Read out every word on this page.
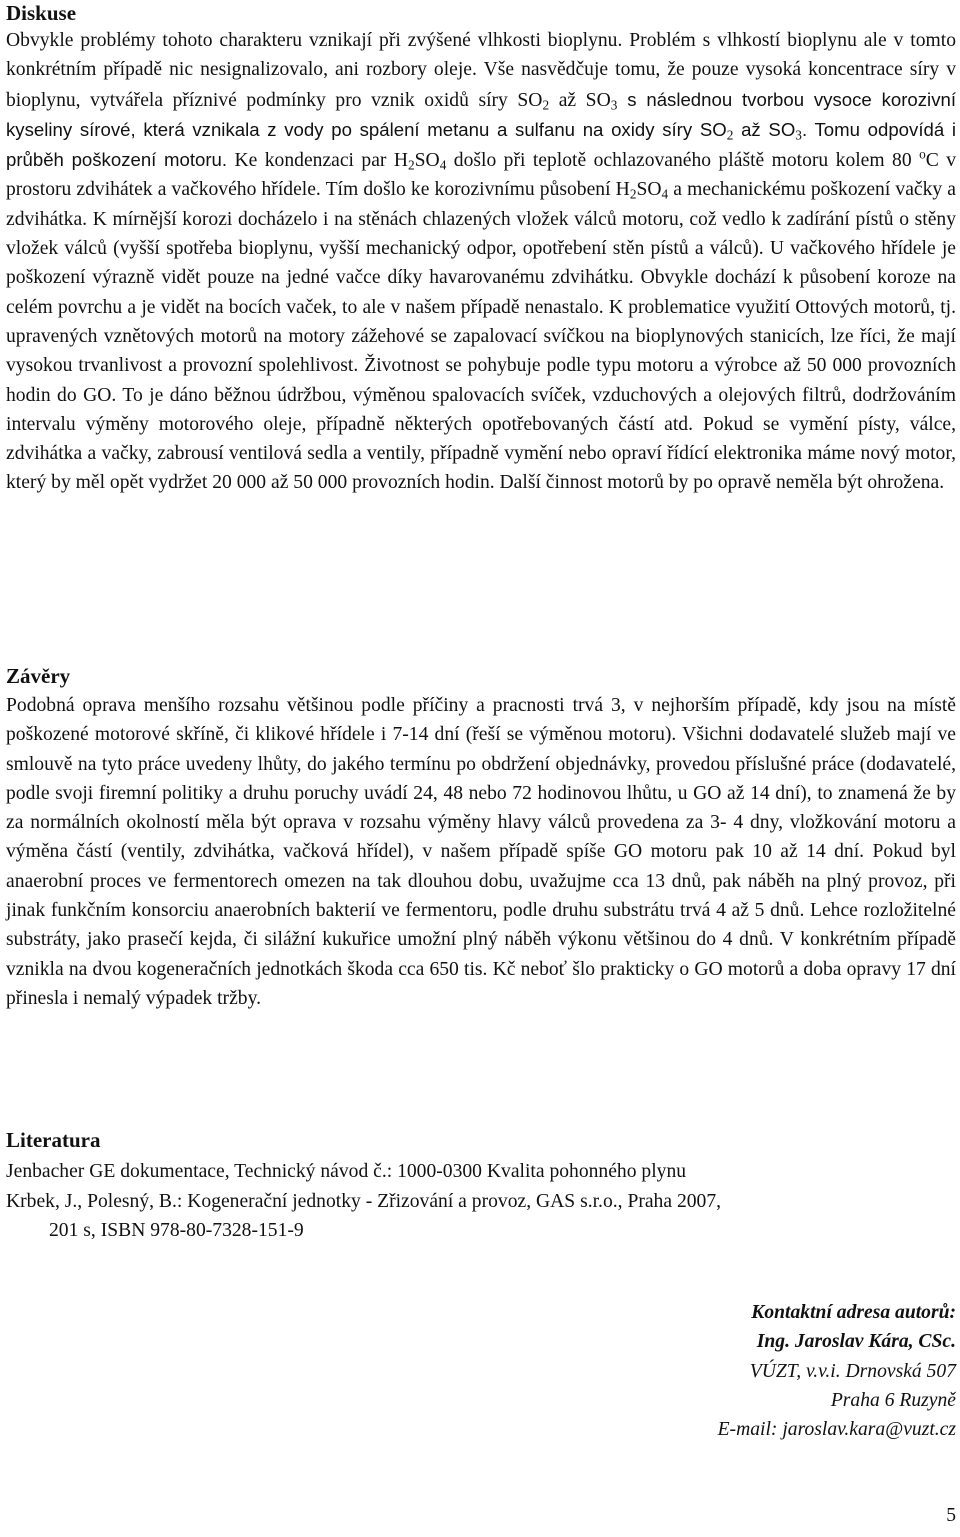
Diskuse

Obvykle problémy tohoto charakteru vznikají při zvýšené vlhkosti bioplynu. Problém s vlhkostí bioplynu ale v tomto konkrétním případě nic nesignalizovalo, ani rozbory oleje. Vše nasvědčuje tomu, že pouze vysoká koncentrace síry v bioplynu, vytvářela příznivé podmínky pro vznik oxidů síry $SO_2$ až $SO_3$ s následnou tvorbou vysoce korozivní kyseliny sírové, která vznikala z vody po spálení metanu a sulfanu na oxidy síry $SO_2$ až $SO_3$. Tomu odpovídá i průběh poškození motoru. Ke kondenzaci par $H_2SO_4$ došlo při teplotě ochlazovaného pláště motoru kolem 80 $^o$C v prostoru zdvihátek a vačkového hřídele. Tím došlo ke korozivnímu působení $H_2SO_4$ a mechanickému poškození vačky a zdvihátka. K mírnější korozi docházelo i na stěnách chlazených vložek válců motoru, což vedlo k zadírání pístů o stěny vložek válců (vyšší spotřeba bioplynu, vyšší mechanický odpor, opotřebení stěn pístů a válců). U vačkového hřídele je poškození výrazně vidět pouze na jedné vačce díky havarovanému zdvihátku. Obvykle dochází k působení koroze na celém povrchu a je vidět na bocích vaček, to ale v našem případě nenastalo. K problematice využití Ottových motorů, tj. upravených vznětových motorů na motory zážehové se zapalovací svíčkou na bioplynových stanicích, lze říci, že mají vysokou trvanlivost a provozní spolehlivost. Životnost se pohybuje podle typu motoru a výrobce až 50 000 provozních hodin do GO. To je dáno běžnou údržbou, výměnou spalovacích svíček, vzduchových a olejových filtrů, dodržováním intervalu výměny motorového oleje, případně některých opotřebovaných částí atd. Pokud se vymění písty, válce, zdvihátka a vačky, zabrousí ventilová sedla a ventily, případně vymění nebo opraví řídící elektronika máme nový motor, který by měl opět vydržet 20 000 až 50 000 provozních hodin. Další činnost motorů by po opravě neměla být ohrožena.

Závěry

Podobná oprava menšího rozsahu většinou podle příčiny a pracnosti trvá 3, v nejhorším případě, kdy jsou na místě poškozené motorové skříně, či klikové hřídele i 7-14 dní (řeší se výměnou motoru). Všichni dodavatelé služeb mají ve smlouvě na tyto práce uvedeny lhůty, do jakého termínu po obdržení objednávky, provedou příslušné práce (dodavatelé, podle svoji firemní politiky a druhu poruchy uvádí 24, 48 nebo 72 hodinovou lhůtu, u GO až 14 dní), to znamená že by za normálních okolností měla být oprava v rozsahu výměny hlavy válců provedena za 3- 4 dny, vložkování motoru a výměna částí (ventily, zdvihátka, vačková hřídel), v našem případě spíše GO motoru pak 10 až 14 dní. Pokud byl anaerobní proces ve fermentorech omezen na tak dlouhou dobu, uvažujme cca 13 dnů, pak náběh na plný provoz, při jinak funkčním konsorciu anaerobních bakterií ve fermentoru, podle druhu substrátu trvá 4 až 5 dnů. Lehce rozložitelné substráty, jako prasečí kejda, či silážní kukuřice umožní plný náběh výkonu většinou do 4 dnů. V konkrétním případě vznikla na dvou kogeneračních jednotkách škoda cca 650 tis. Kč neboť šlo prakticky o GO motorů a doba opravy 17 dní přinesla i nemalý výpadek tržby.

Literatura
Jenbacher GE dokumentace, Technický návod č.: 1000-0300 Kvalita pohonného plynu
Krbek, J., Polesný, B.: Kogenerační jednotky - Zřizování a provoz, GAS s.r.o., Praha 2007,
201 s, ISBN 978-80-7328-151-9
Kontaktní adresa autorů:
Ing. Jaroslav Kára, CSc.
VÚZT, v.v.i. Drnovská 507
Praha 6 Ruzyně
E-mail: jaroslav.kara@vuzt.cz
5
